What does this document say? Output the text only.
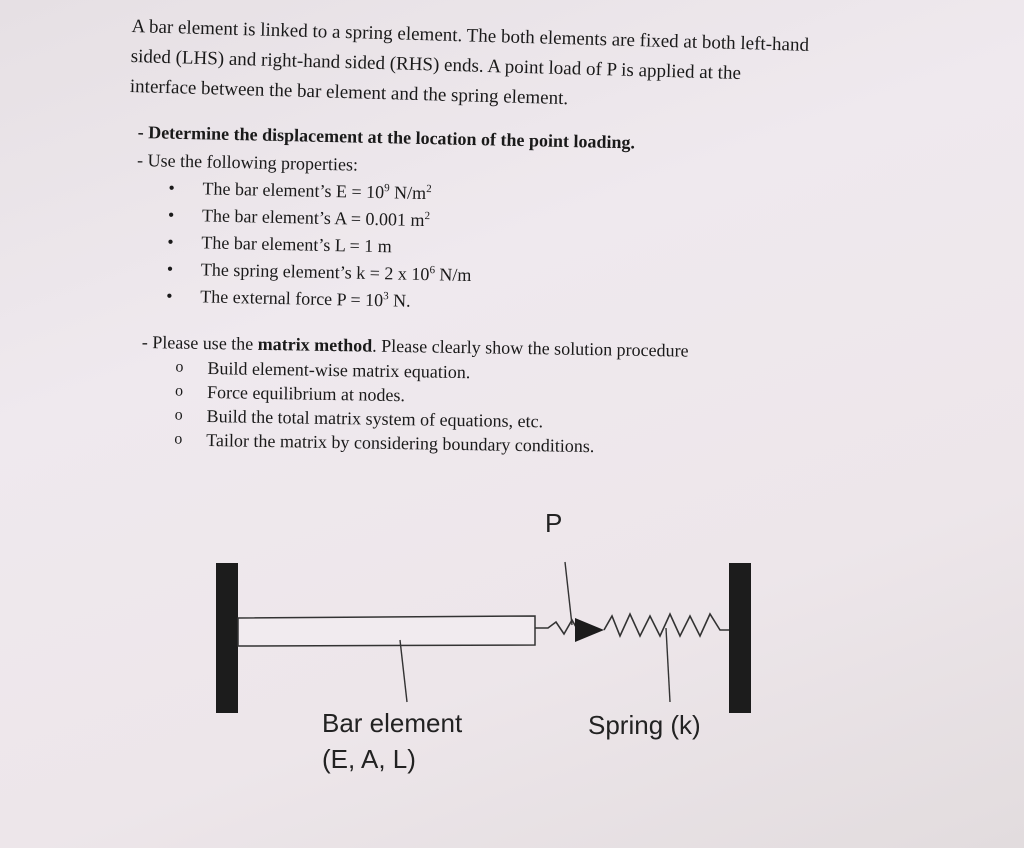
A bar element is linked to a spring element. The both elements are fixed at both left-hand
sided (LHS) and right-hand sided (RHS) ends. A point load of P is applied at the
interface between the bar element and the spring element.
- Determine the displacement at the location of the point loading.
- Use the following properties:
• The bar element’s $E = 10^9$ $N/m^2$
• The bar element’s A = 0.001 $m^2$
• The bar element’s L = 1 m
• The spring element’s k = 2 x $10^6$ N/m
• The external force $P = 10^3$ N.
- Please use the matrix method. Please clearly show the solution procedure
o Build element-wise matrix equation.
o Force equilibrium at nodes.
o Build the total matrix system of equations, etc.
o Tailor the matrix by considering boundary conditions.
P
Bar element
(E, A, L)
Spring (k)
